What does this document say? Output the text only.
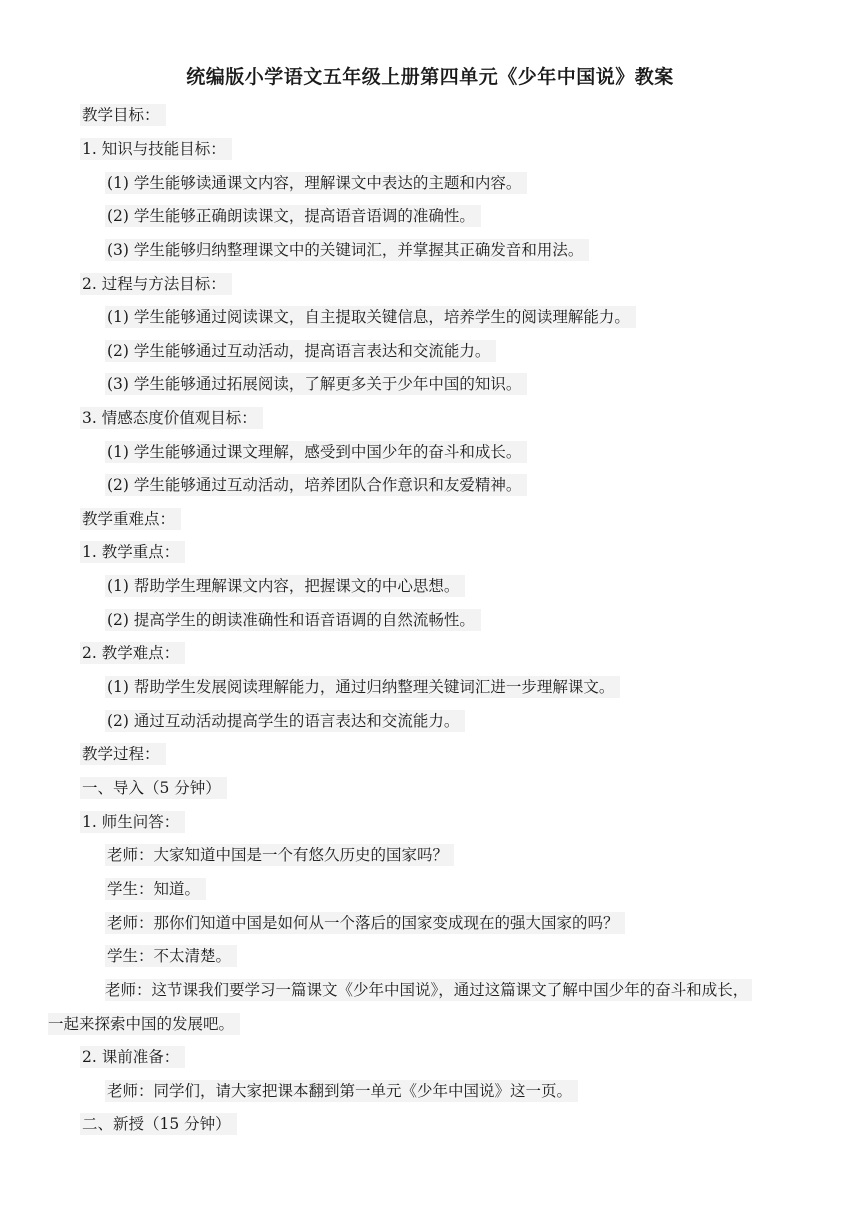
统编版小学语文五年级上册第四单元《少年中国说》教案
教学目标：
1. 知识与技能目标：
(1) 学生能够读通课文内容，理解课文中表达的主题和内容。
(2) 学生能够正确朗读课文，提高语音语调的准确性。
(3) 学生能够归纳整理课文中的关键词汇，并掌握其正确发音和用法。
2. 过程与方法目标：
(1) 学生能够通过阅读课文，自主提取关键信息，培养学生的阅读理解能力。
(2) 学生能够通过互动活动，提高语言表达和交流能力。
(3) 学生能够通过拓展阅读，了解更多关于少年中国的知识。
3. 情感态度价值观目标：
(1) 学生能够通过课文理解，感受到中国少年的奋斗和成长。
(2) 学生能够通过互动活动，培养团队合作意识和友爱精神。
教学重难点：
1. 教学重点：
(1) 帮助学生理解课文内容，把握课文的中心思想。
(2) 提高学生的朗读准确性和语音语调的自然流畅性。
2. 教学难点：
(1) 帮助学生发展阅读理解能力，通过归纳整理关键词汇进一步理解课文。
(2) 通过互动活动提高学生的语言表达和交流能力。
教学过程：
一、导入（5 分钟）
1. 师生问答：
老师：大家知道中国是一个有悠久历史的国家吗？
学生：知道。
老师：那你们知道中国是如何从一个落后的国家变成现在的强大国家的吗？
学生：不太清楚。
老师：这节课我们要学习一篇课文《少年中国说》，通过这篇课文了解中国少年的奋斗和成长，
一起来探索中国的发展吧。
2. 课前准备：
老师：同学们，请大家把课本翻到第一单元《少年中国说》这一页。
二、新授（15 分钟）
